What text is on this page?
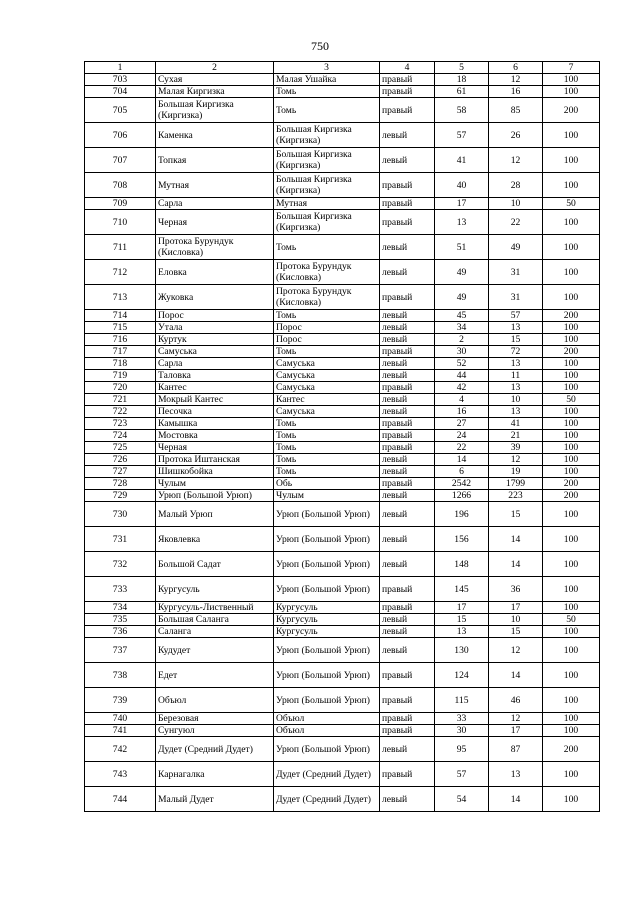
750
1	2	3	4	5	6	7
703	Сухая	Малая Ушайка	правый	18	12	100
704	Малая Киргизка	Томь	правый	61	16	100
705	Большая Киргизка (Киргизка)	Томь	правый	58	85	200
706	Каменка	Большая Киргизка (Киргизка)	левый	57	26	100
707	Топкая	Большая Киргизка (Киргизка)	левый	41	12	100
708	Мутная	Большая Киргизка (Киргизка)	правый	40	28	100
709	Сарла	Мутная	правый	17	10	50
710	Черная	Большая Киргизка (Киргизка)	правый	13	22	100
711	Протока Бурундук (Кисловка)	Томь	левый	51	49	100
712	Еловка	Протока Бурундук (Кисловка)	левый	49	31	100
713	Жуковка	Протока Бурундук (Кисловка)	правый	49	31	100
714	Порос	Томь	левый	45	57	200
715	Утала	Порос	левый	34	13	100
716	Куртук	Порос	левый	2	15	100
717	Самуська	Томь	правый	30	72	200
718	Сарла	Самуська	левый	52	13	100
719	Таловка	Самуська	левый	44	11	100
720	Кантес	Самуська	правый	42	13	100
721	Мокрый Кантес	Кантес	левый	4	10	50
722	Песочка	Самуська	левый	16	13	100
723	Камышка	Томь	правый	27	41	100
724	Мостовка	Томь	правый	24	21	100
725	Черная	Томь	правый	22	39	100
726	Протока Иштанская	Томь	левый	14	12	100
727	Шишкобойка	Томь	левый	6	19	100
728	Чулым	Обь	правый	2542	1799	200
729	Урюп (Большой Урюп)	Чулым	левый	1266	223	200
730	Малый Урюп	Урюп (Большой Урюп)	левый	196	15	100
731	Яковлевка	Урюп (Большой Урюп)	левый	156	14	100
732	Большой Садат	Урюп (Большой Урюп)	левый	148	14	100
733	Кургусуль	Урюп (Большой Урюп)	правый	145	36	100
734	Кургусуль-Лиственный	Кургусуль	правый	17	17	100
735	Большая Саланга	Кургусуль	левый	15	10	50
736	Саланга	Кургусуль	левый	13	15	100
737	Кудудет	Урюп (Большой Урюп)	левый	130	12	100
738	Едет	Урюп (Большой Урюп)	правый	124	14	100
739	Объюл	Урюп (Большой Урюп)	правый	115	46	100
740	Березовая	Объюл	правый	33	12	100
741	Сунгуюл	Объюл	правый	30	17	100
742	Дудет (Средний Дудет)	Урюп (Большой Урюп)	левый	95	87	200
743	Карнагалка	Дудет (Средний Дудет)	правый	57	13	100
744	Малый Дудет	Дудет (Средний Дудет)	левый	54	14	100
